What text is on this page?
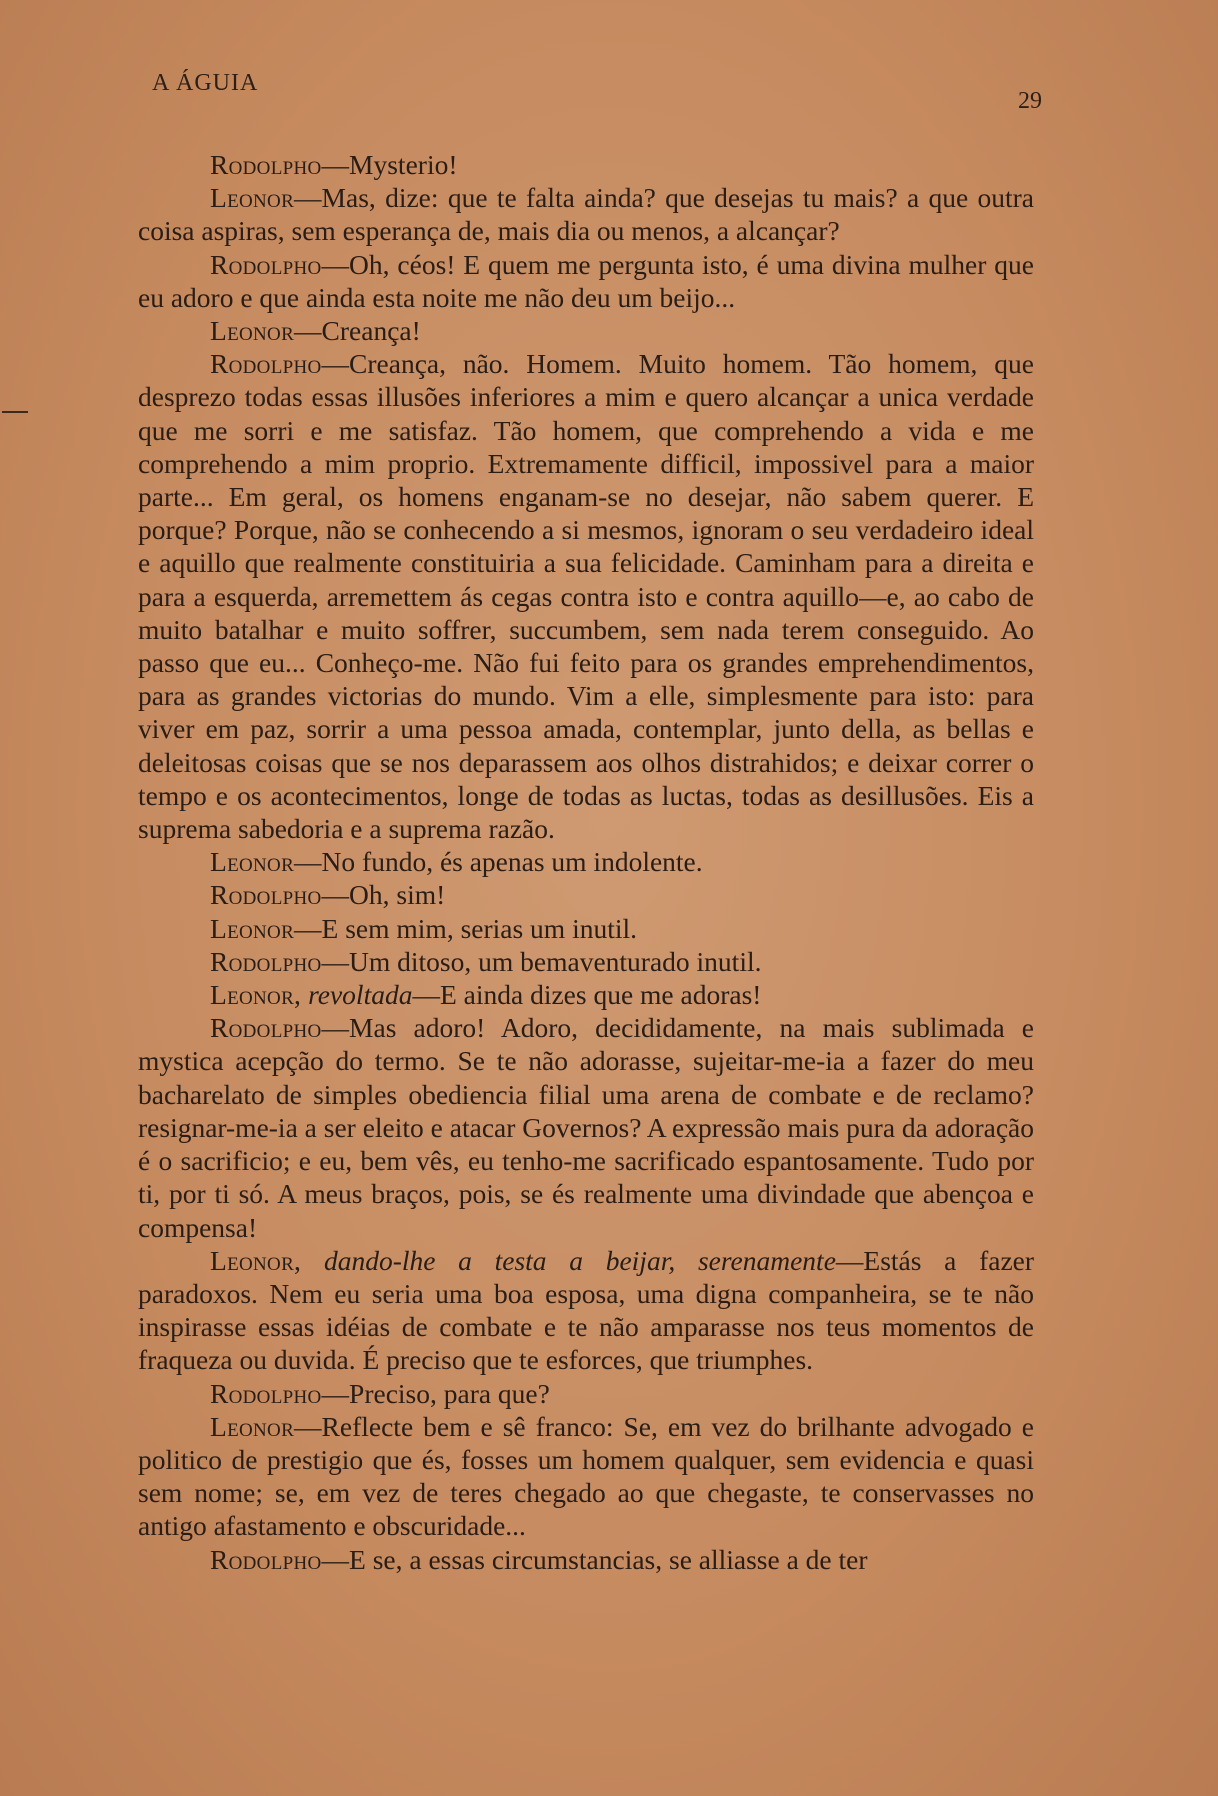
A ÁGUIA
29

Rodolpho—Mysterio!

Leonor—Mas, dize: que te falta ainda? que desejas tu mais? a que outra coisa aspiras, sem esperança de, mais dia ou menos, a alcançar?

Rodolpho—Oh, céos! E quem me pergunta isto, é uma divina mulher que eu adoro e que ainda esta noite me não deu um beijo...

Leonor—Creança!

Rodolpho—Creança, não. Homem. Muito homem. Tão homem, que desprezo todas essas illusões inferiores a mim e quero alcançar a unica verdade que me sorri e me satisfaz. Tão homem, que comprehendo a vida e me comprehendo a mim proprio. Extremamente difficil, impossivel para a maior parte... Em geral, os homens enganam-se no desejar, não sabem querer. E porque? Porque, não se conhecendo a si mesmos, ignoram o seu verdadeiro ideal e aquillo que realmente constituiria a sua felicidade. Caminham para a direita e para a esquerda, arremettem ás cegas contra isto e contra aquillo—e, ao cabo de muito batalhar e muito soffrer, succumbem, sem nada terem conseguido. Ao passo que eu... Conheço-me. Não fui feito para os grandes emprehendimentos, para as grandes victorias do mundo. Vim a elle, simplesmente para isto: para viver em paz, sorrir a uma pessoa amada, contemplar, junto della, as bellas e deleitosas coisas que se nos deparassem aos olhos distrahidos; e deixar correr o tempo e os acontecimentos, longe de todas as luctas, todas as desillusões. Eis a suprema sabedoria e a suprema razão.

Leonor—No fundo, és apenas um indolente.

Rodolpho—Oh, sim!

Leonor—E sem mim, serias um inutil.

Rodolpho—Um ditoso, um bemaventurado inutil.

Leonor, revoltada—E ainda dizes que me adoras!

Rodolpho—Mas adoro! Adoro, decididamente, na mais sublimada e mystica acepção do termo. Se te não adorasse, sujeitar-me-ia a fazer do meu bacharelato de simples obediencia filial uma arena de combate e de reclamo? resignar-me-ia a ser eleito e atacar Governos? A expressão mais pura da adoração é o sacrificio; e eu, bem vês, eu tenho-me sacrificado espantosamente. Tudo por ti, por ti só. A meus braços, pois, se és realmente uma divindade que abençoa e compensa!

Leonor, dando-lhe a testa a beijar, serenamente—Estás a fazer paradoxos. Nem eu seria uma boa esposa, uma digna companheira, se te não inspirasse essas idéias de combate e te não amparasse nos teus momentos de fraqueza ou duvida. É preciso que te esforces, que triumphes.

Rodolpho—Preciso, para que?

Leonor—Reflecte bem e sê franco: Se, em vez do brilhante advogado e politico de prestigio que és, fosses um homem qualquer, sem evidencia e quasi sem nome; se, em vez de teres chegado ao que chegaste, te conservasses no antigo afastamento e obscuridade...

Rodolpho—E se, a essas circumstancias, se alliasse a de ter
